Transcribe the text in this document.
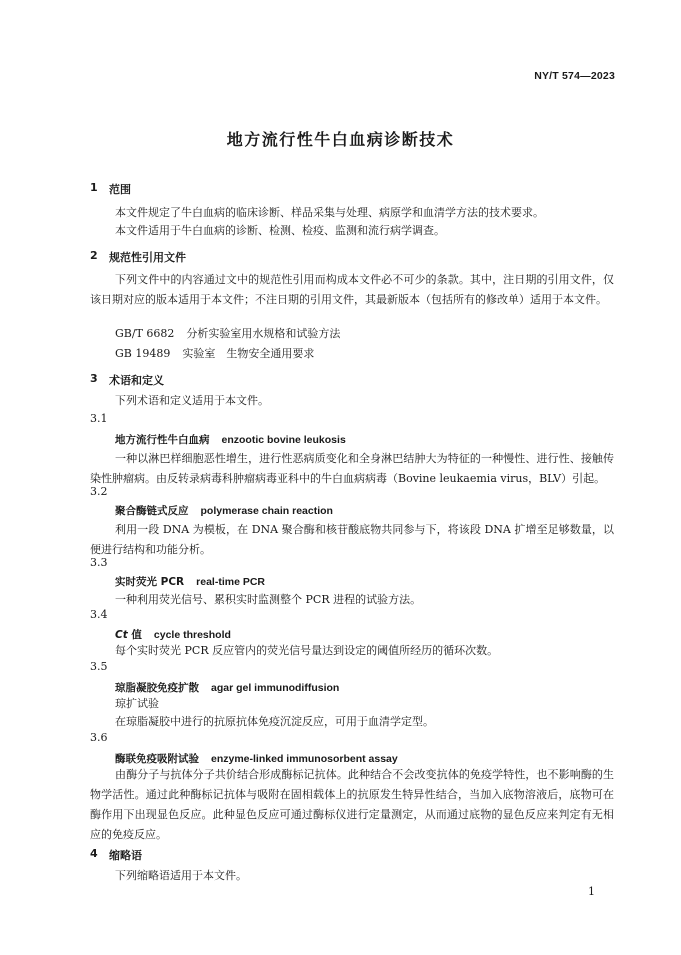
NY/T 574—2023
地方流行性牛白血病诊断技术
1 范围

本文件规定了牛白血病的临床诊断、样品采集与处理、病原学和血清学方法的技术要求。

本文件适用于牛白血病的诊断、检测、检疫、监测和流行病学调查。

2 规范性引用文件

下列文件中的内容通过文中的规范性引用而构成本文件必不可少的条款。其中，注日期的引用文件，仅该日期对应的版本适用于本文件；不注日期的引用文件，其最新版本（包括所有的修改单）适用于本文件。

GB/T 6682 分析实验室用水规格和试验方法
GB 19489 实验室　生物安全通用要求
3 术语和定义

下列术语和定义适用于本文件。

3.1
地方流行性牛白血病 enzootic bovine leukosis

一种以淋巴样细胞恶性增生，进行性恶病质变化和全身淋巴结肿大为特征的一种慢性、进行性、接触传染性肿瘤病。由反转录病毒科肿瘤病毒亚科中的牛白血病病毒（Bovine leukaemia virus，BLV）引起。

3.2
聚合酶链式反应 polymerase chain reaction

利用一段 DNA 为模板，在 DNA 聚合酶和核苷酸底物共同参与下，将该段 DNA 扩增至足够数量，以便进行结构和功能分析。

3.3
实时荧光 PCR real-time PCR

一种利用荧光信号、累积实时监测整个 PCR 进程的试验方法。

3.4
Ct 值 cycle threshold

每个实时荧光 PCR 反应管内的荧光信号量达到设定的阈值所经历的循环次数。

3.5
琼脂凝胶免疫扩散 agar gel immunodiffusion

琼扩试验

在琼脂凝胶中进行的抗原抗体免疫沉淀反应，可用于血清学定型。

3.6
酶联免疫吸附试验 enzyme-linked immunosorbent assay

由酶分子与抗体分子共价结合形成酶标记抗体。此种结合不会改变抗体的免疫学特性，也不影响酶的生物学活性。通过此种酶标记抗体与吸附在固相载体上的抗原发生特异性结合，当加入底物溶液后，底物可在酶作用下出现显色反应。此种显色反应可通过酶标仪进行定量测定，从而通过底物的显色反应来判定有无相应的免疫反应。

4 缩略语

下列缩略语适用于本文件。

1
